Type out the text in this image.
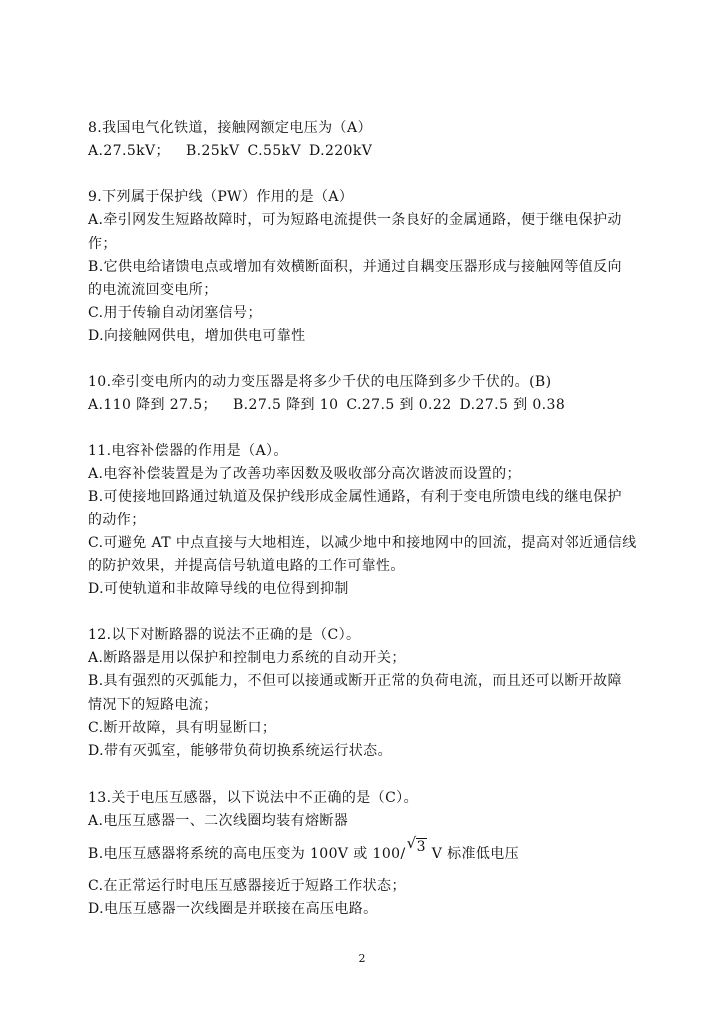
8.我国电气化铁道，接触网额定电压为（A）
A.27.5kV； B.25kV C.55kV D.220kV
9.下列属于保护线（PW）作用的是（A）
A.牵引网发生短路故障时，可为短路电流提供一条良好的金属通路，便于继电保护动
作；
B.它供电给诸馈电点或增加有效横断面积，并通过自耦变压器形成与接触网等值反向
的电流流回变电所；
C.用于传输自动闭塞信号；
D.向接触网供电，增加供电可靠性
10.牵引变电所内的动力变压器是将多少千伏的电压降到多少千伏的。(B)
A.110 降到 27.5； B.27.5 降到 10 C.27.5 到 0.22 D.27.5 到 0.38
11.电容补偿器的作用是（A）。
A.电容补偿装置是为了改善功率因数及吸收部分高次谐波而设置的；
B.可使接地回路通过轨道及保护线形成金属性通路，有利于变电所馈电线的继电保护
的动作；
C.可避免 AT 中点直接与大地相连，以减少地中和接地网中的回流，提高对邻近通信线
的防护效果，并提高信号轨道电路的工作可靠性。
D.可使轨道和非故障导线的电位得到抑制
12.以下对断路器的说法不正确的是（C）。
A.断路器是用以保护和控制电力系统的自动开关；
B.具有强烈的灭弧能力，不但可以接通或断开正常的负荷电流，而且还可以断开故障
情况下的短路电流；
C.断开故障，具有明显断口；
D.带有灭弧室，能够带负荷切换系统运行状态。
13.关于电压互感器，以下说法中不正确的是（C）。
A.电压互感器一、二次线圈均装有熔断器
B.电压互感器将系统的高电压变为 100V 或 100/
√ 3 V 标准低电压
C.在正常运行时电压互感器接近于短路工作状态；
D.电压互感器一次线圈是并联接在高压电路。
2
